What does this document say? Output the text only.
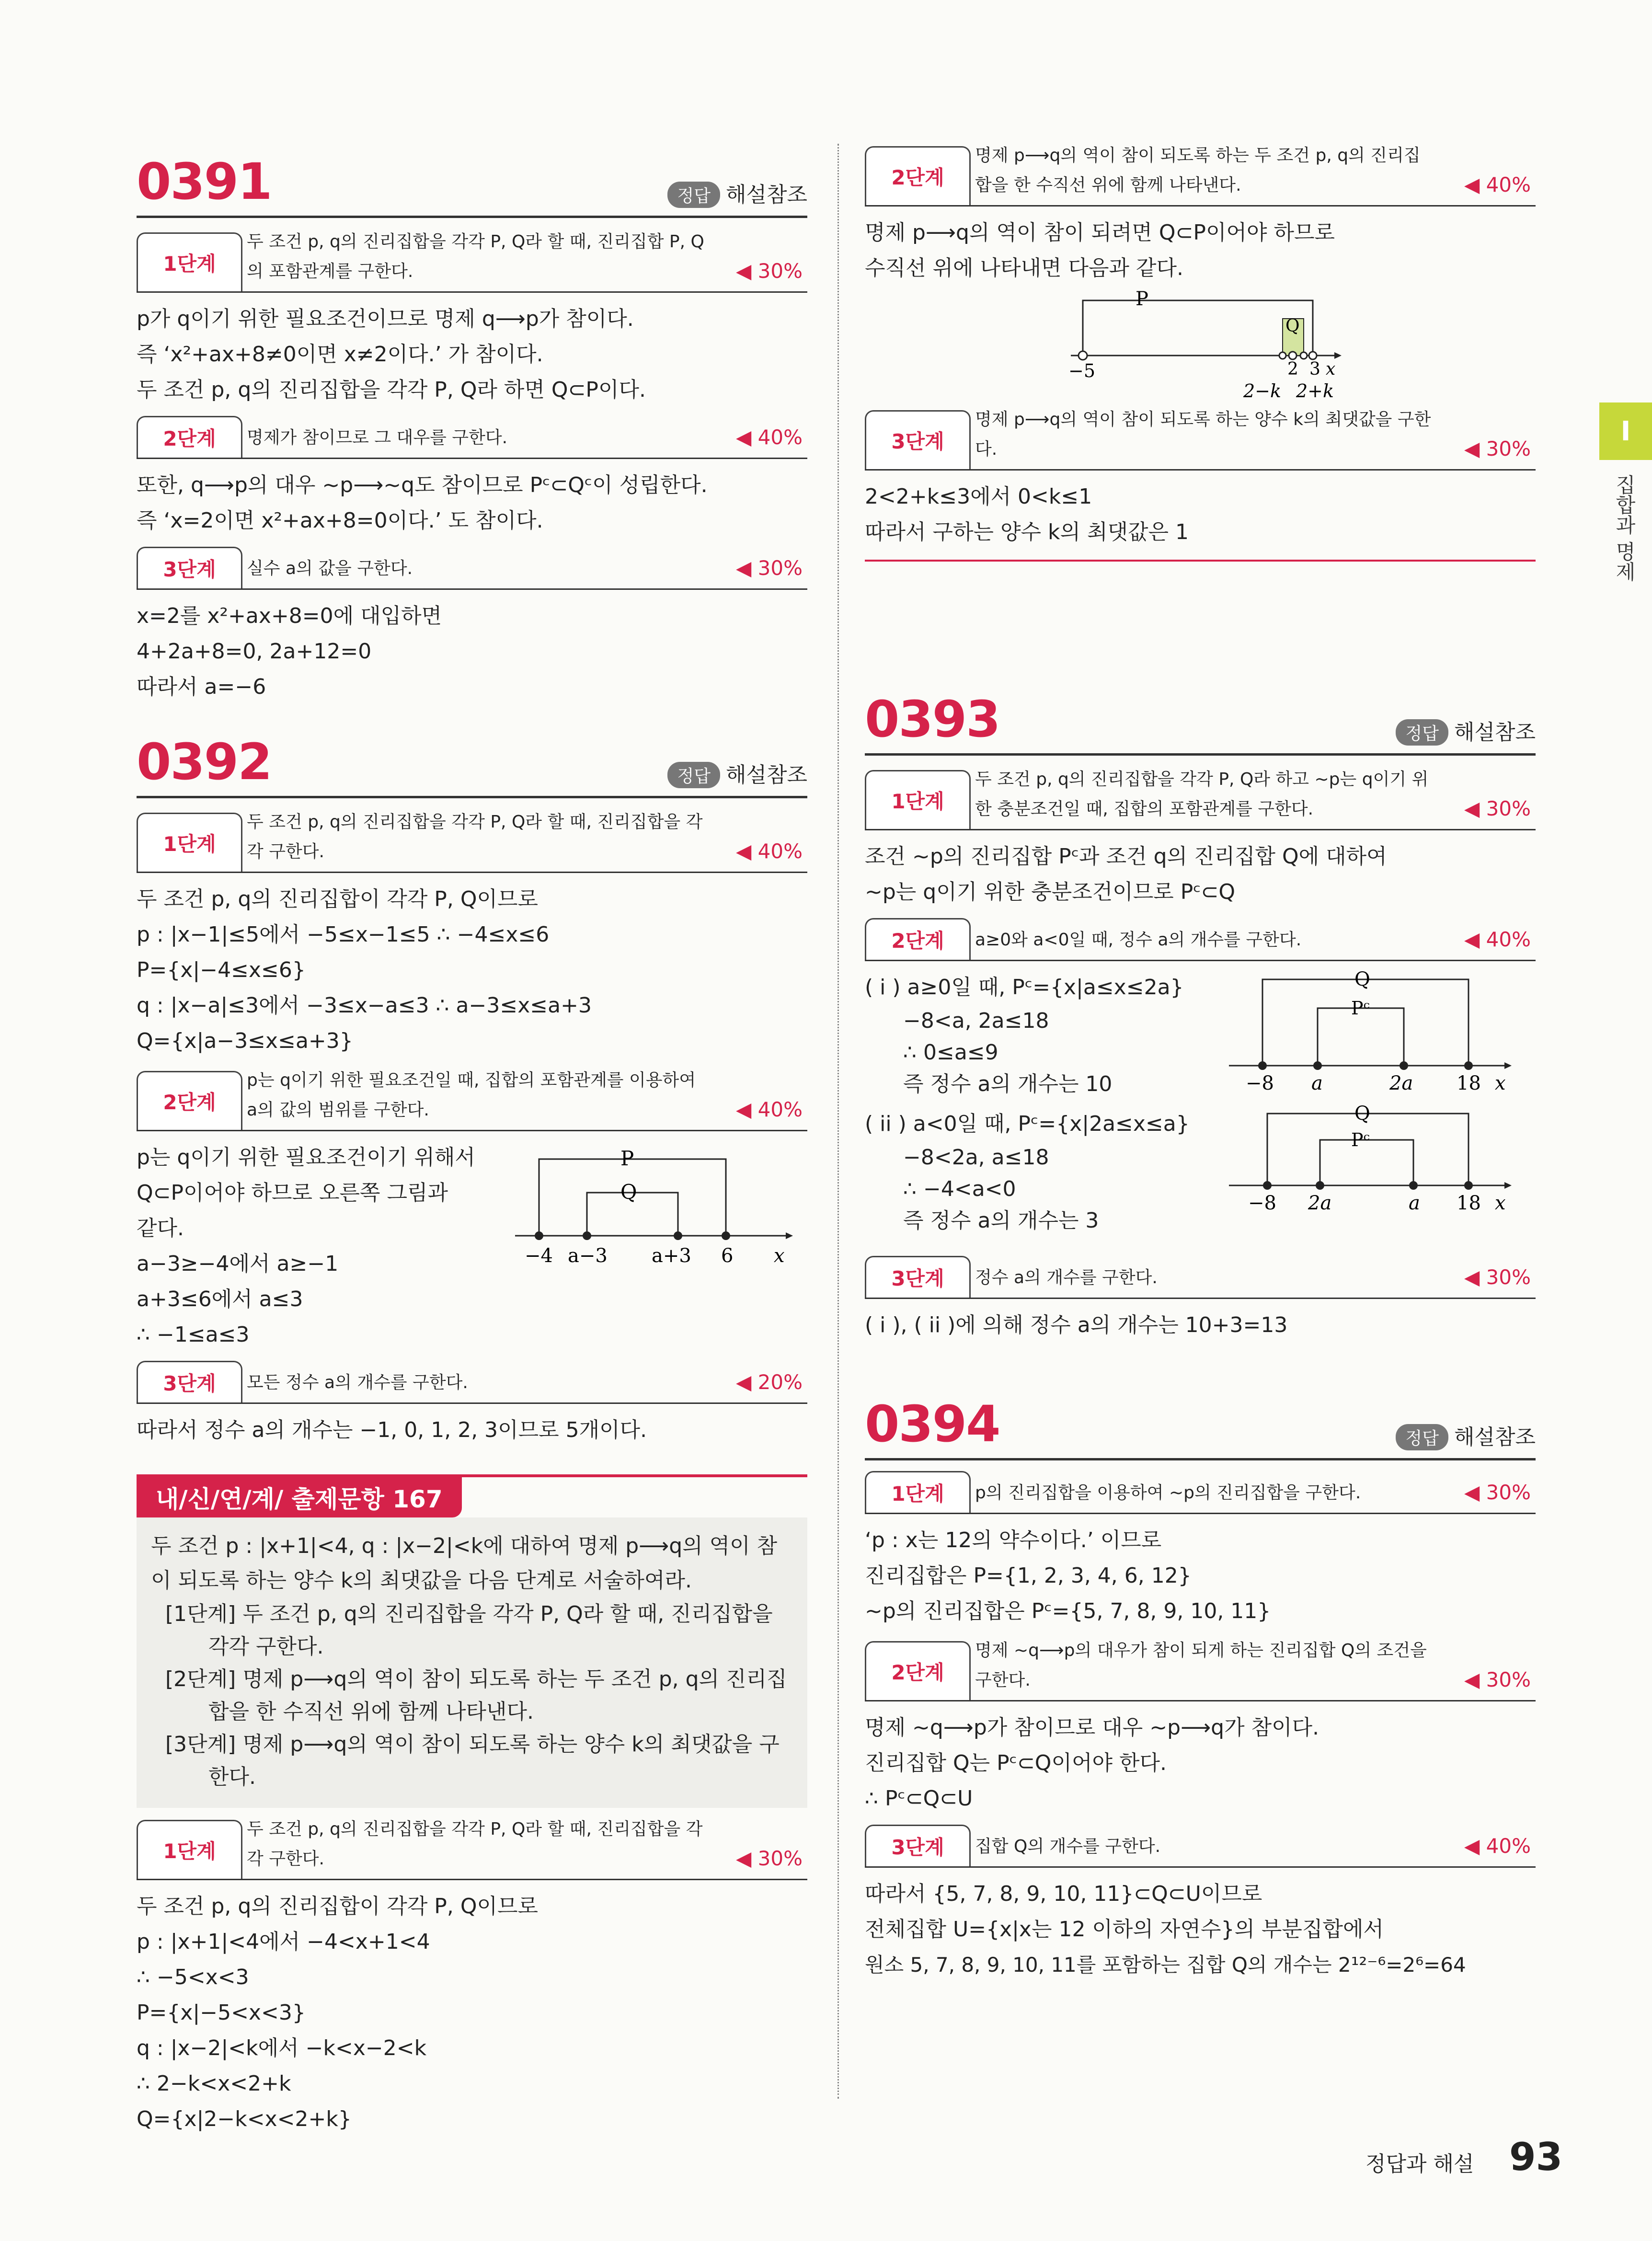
0391	정답 해설참조
1단계
두 조건 p, q의 진리집합을 각각 P, Q라 할 때, 진리집합 P, Q의 포함관계를 구한다.	◀ 30%
p가 q이기 위한 필요조건이므로 명제 q⟶p가 참이다.
즉 ‘x²+ax+8≠0이면 x≠2이다.’ 가 참이다.
두 조건 p, q의 진리집합을 각각 P, Q라 하면 Q⊂P이다.
2단계	명제가 참이므로 그 대우를 구한다.	◀ 40%
또한, q⟶p의 대우 ~p⟶~q도 참이므로 Pᶜ⊂Qᶜ이 성립한다.
즉 ‘x=2이면 x²+ax+8=0이다.’ 도 참이다.
3단계	실수 a의 값을 구한다.	◀ 30%
x=2를 x²+ax+8=0에 대입하면
4+2a+8=0, 2a+12=0
따라서 a=−6
0392	정답 해설참조
1단계
두 조건 p, q의 진리집합을 각각 P, Q라 할 때, 진리집합을 각각 구한다.	◀ 40%
두 조건 p, q의 진리집합이 각각 P, Q이므로
p : |x−1|≤5에서 −5≤x−1≤5 ∴ −4≤x≤6
P={x|−4≤x≤6}
q : |x−a|≤3에서 −3≤x−a≤3 ∴ a−3≤x≤a+3
Q={x|a−3≤x≤a+3}
2단계
p는 q이기 위한 필요조건일 때, 집합의 포함관계를 이용하여 a의 값의 범위를 구한다.	◀ 40%
p는 q이기 위한 필요조건이기 위해서
Q⊂P이어야 하므로 오른쪽 그림과
같다.
a−3≥−4에서 a≥−1
a+3≤6에서 a≤3
∴ −1≤a≤3
P
Q
−4 a−3 a+3 6 x
3단계	모든 정수 a의 개수를 구한다.	◀ 20%
따라서 정수 a의 개수는 −1, 0, 1, 2, 3이므로 5개이다.
내/신/연/계/ 출제문항 167
두 조건 p : |x+1|<4, q : |x−2|<k에 대하여 명제 p⟶q의 역이 참이 되도록 하는 양수 k의 최댓값을 다음 단계로 서술하여라.
[1단계] 두 조건 p, q의 진리집합을 각각 P, Q라 할 때, 진리집합을 각각 구한다.
[2단계] 명제 p⟶q의 역이 참이 되도록 하는 두 조건 p, q의 진리집합을 한 수직선 위에 함께 나타낸다.
[3단계] 명제 p⟶q의 역이 참이 되도록 하는 양수 k의 최댓값을 구한다.
1단계
두 조건 p, q의 진리집합을 각각 P, Q라 할 때, 진리집합을 각각 구한다.	◀ 30%
두 조건 p, q의 진리집합이 각각 P, Q이므로
p : |x+1|<4에서 −4<x+1<4
∴ −5<x<3
P={x|−5<x<3}
q : |x−2|<k에서 −k<x−2<k
∴ 2−k<x<2+k
Q={x|2−k<x<2+k}
2단계
명제 p⟶q의 역이 참이 되도록 하는 두 조건 p, q의 진리집합을 한 수직선 위에 함께 나타낸다.	◀ 40%
명제 p⟶q의 역이 참이 되려면 Q⊂P이어야 하므로
수직선 위에 나타내면 다음과 같다.
P
Q
−5	2 3 x
2−k 2+k
3단계
명제 p⟶q의 역이 참이 되도록 하는 양수 k의 최댓값을 구한다.	◀ 30%
2<2+k≤3에서 0<k≤1
따라서 구하는 양수 k의 최댓값은 1
0393	정답 해설참조
1단계
두 조건 p, q의 진리집합을 각각 P, Q라 하고 ~p는 q이기 위한 충분조건일 때, 집합의 포함관계를 구한다.	◀ 30%
조건 ~p의 진리집합 Pᶜ과 조건 q의 진리집합 Q에 대하여
~p는 q이기 위한 충분조건이므로 Pᶜ⊂Q
2단계	a≥0와 a<0일 때, 정수 a의 개수를 구한다.	◀ 40%
( i ) a≥0일 때, Pᶜ={x|a≤x≤2a}
−8<a, 2a≤18
∴ 0≤a≤9
즉 정수 a의 개수는 10
( ii ) a<0일 때, Pᶜ={x|2a≤x≤a}
−8<2a, a≤18
∴ −4<a<0
즉 정수 a의 개수는 3
Q
Pᶜ
−8 a	2a 18 x
Q
Pᶜ
−8 2a	a 18 x
3단계	정수 a의 개수를 구한다.	◀ 30%
( i ), ( ii )에 의해 정수 a의 개수는 10+3=13
0394	정답 해설참조
1단계	p의 진리집합을 이용하여 ~p의 진리집합을 구한다.	◀ 30%
‘p : x는 12의 약수이다.’ 이므로
진리집합은 P={1, 2, 3, 4, 6, 12}
~p의 진리집합은 Pᶜ={5, 7, 8, 9, 10, 11}
2단계
명제 ~q⟶p의 대우가 참이 되게 하는 진리집합 Q의 조건을 구한다.	◀ 30%
명제 ~q⟶p가 참이므로 대우 ~p⟶q가 참이다.
진리집합 Q는 Pᶜ⊂Q이어야 한다.
∴ Pᶜ⊂Q⊂U
3단계	집합 Q의 개수를 구한다.	◀ 40%
따라서 {5, 7, 8, 9, 10, 11}⊂Q⊂U이므로
전체집합 U={x|x는 12 이하의 자연수}의 부분집합에서
원소 5, 7, 8, 9, 10, 11를 포함하는 집합 Q의 개수는 2¹²⁻⁶=2⁶=64
I
집합과 명제
정답과 해설 93
